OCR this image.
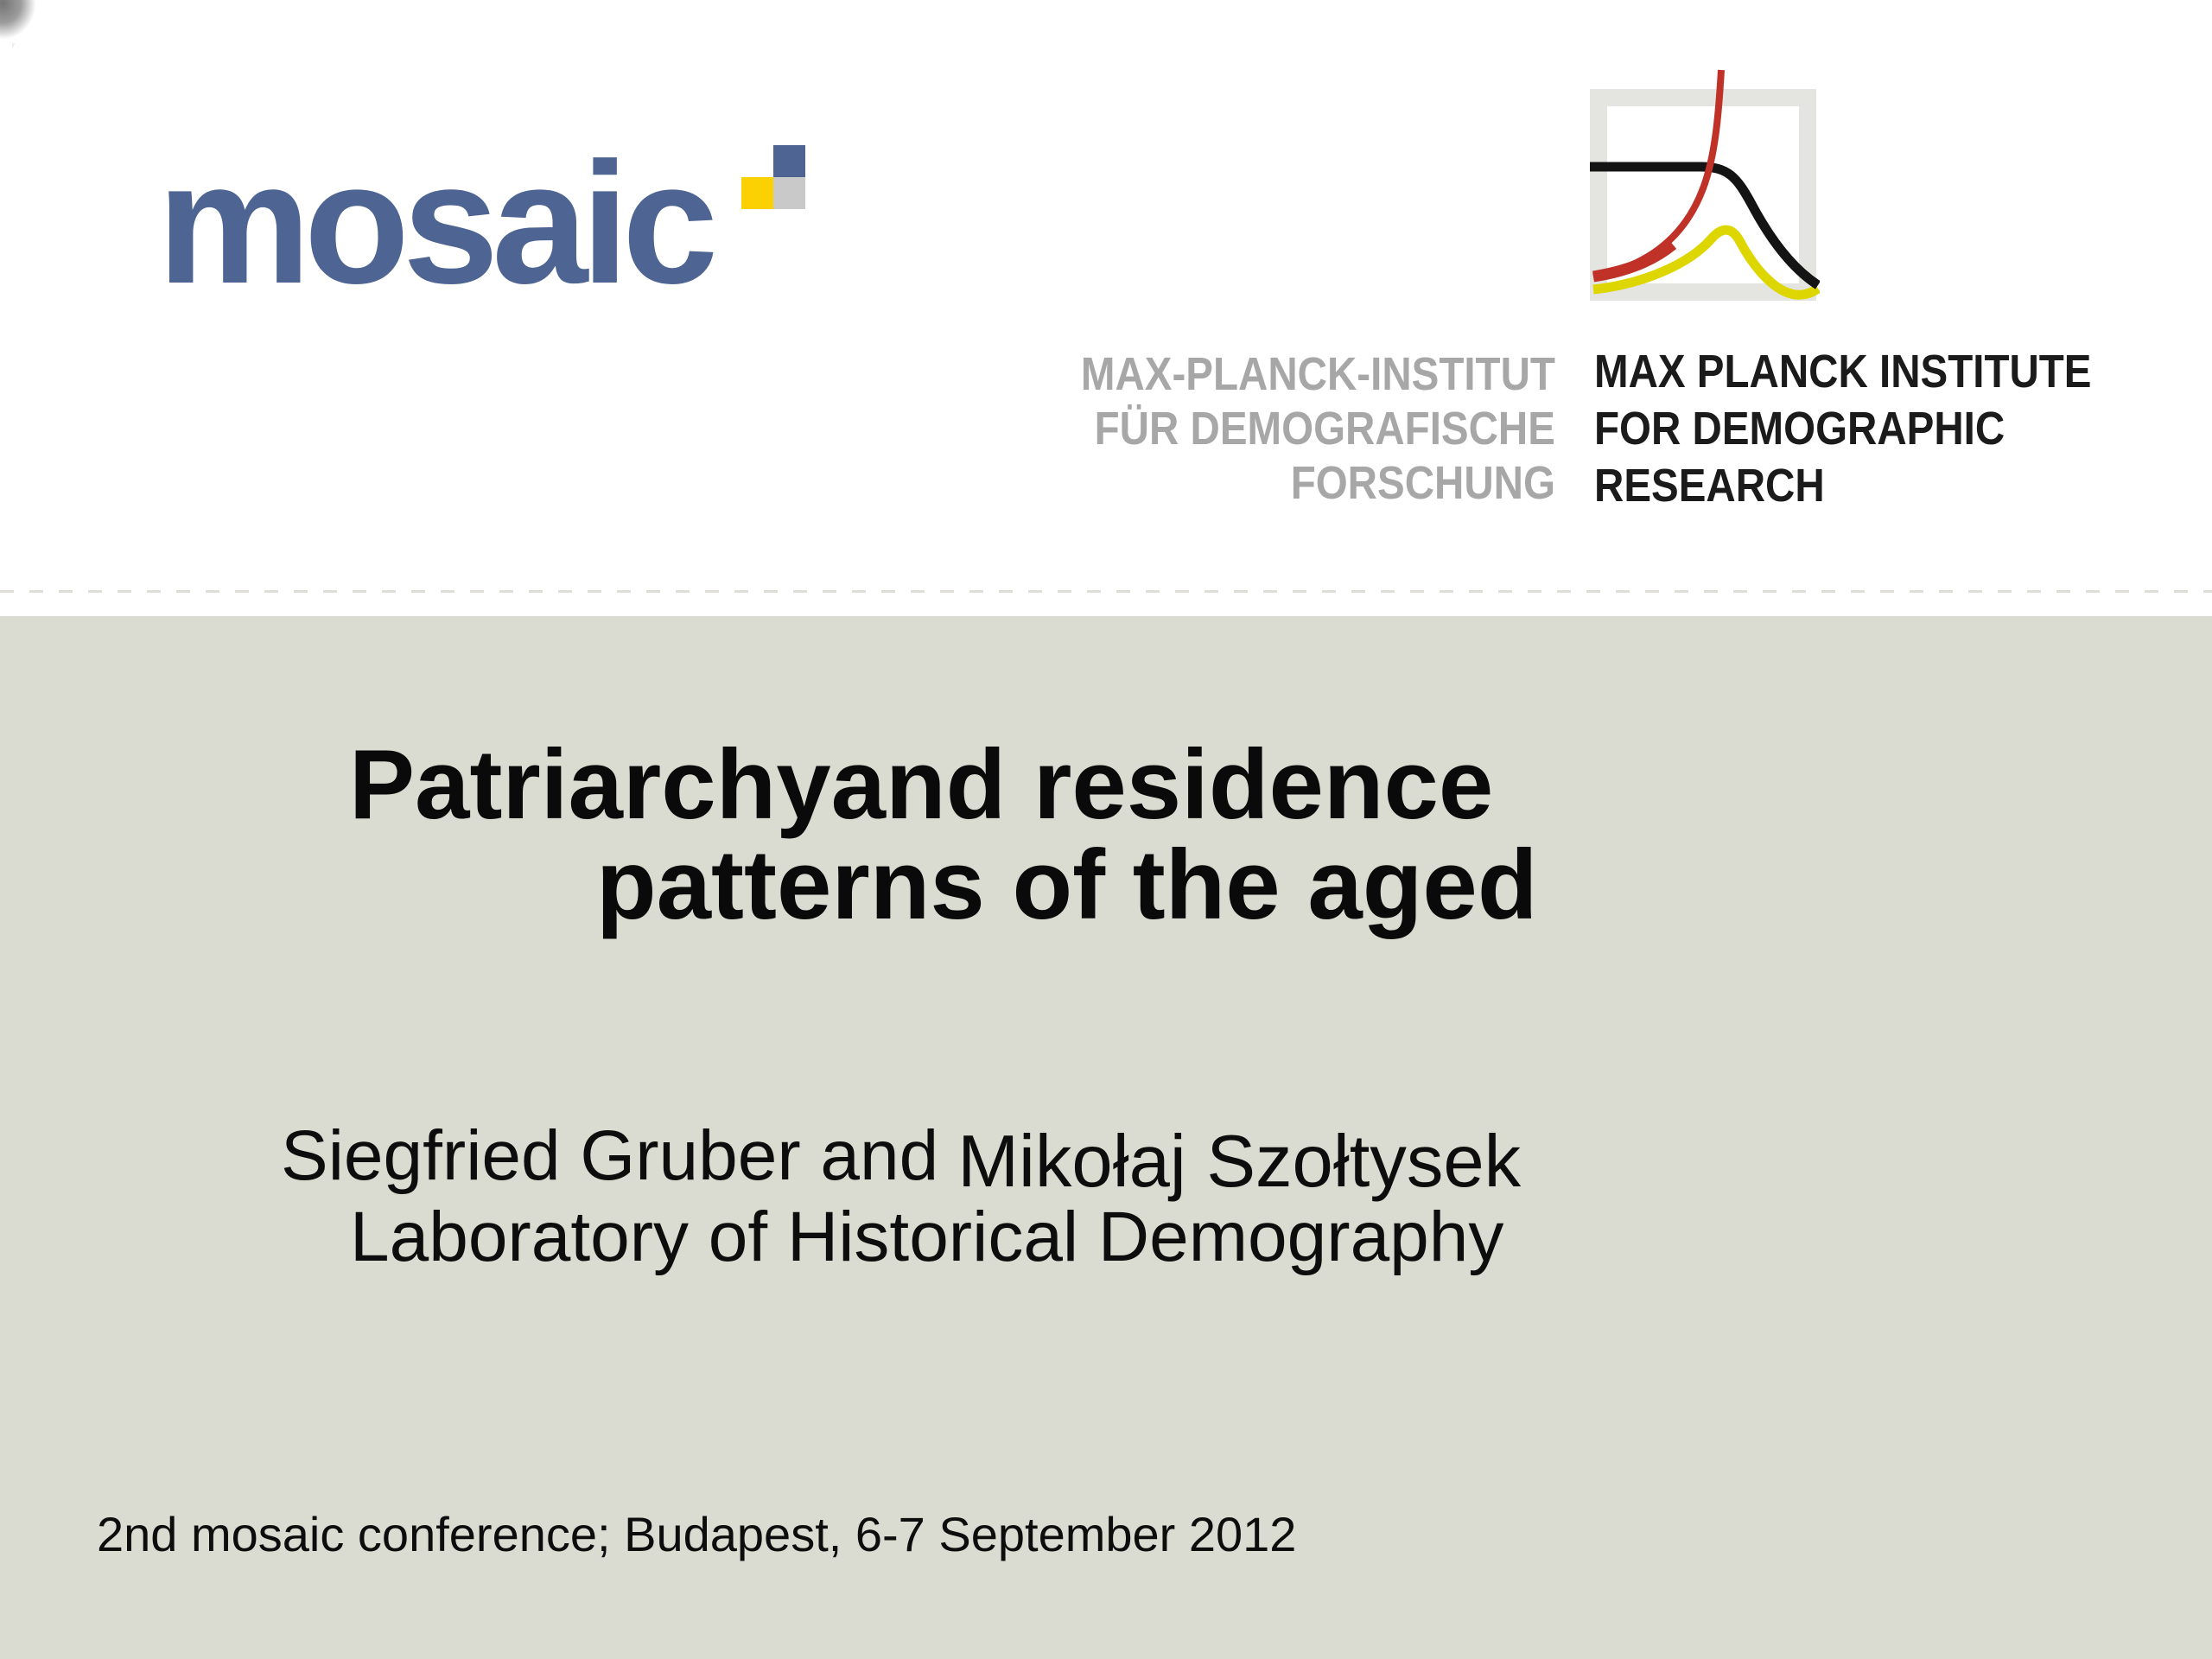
mosaic
MAX-PLANCK-INSTITUT
FÜR DEMOGRAFISCHE
FORSCHUNG
MAX PLANCK INSTITUTE
FOR DEMOGRAPHIC
RESEARCH
Patriarchyand residence
patterns of the aged
Siegfried Gruber and Mikołaj Szołtysek
Laboratory of Historical Demography
2nd mosaic conference; Budapest, 6-7 September 2012
